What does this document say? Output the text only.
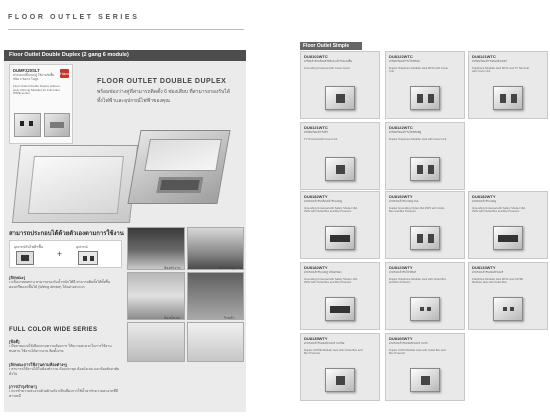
FLOOR OUTLET SERIES
Floor Outlet Double Duplex (2 gang 6 module)
DUMF220SLT
Haco
ฝาครอบปลั๊กแบบคู่ ใช้งานกับพื้น ชนิด 2 ช่อง 6 โมดูล
Floor Outlet Double Duplex without body (Strong Module) for Full Color WIDE series
FLOOR OUTLET DOUBLE DUPLEX
พร้อมช่องว่างคู่ที่สามารถติดตั้ง 6 ช่องเสียบ ที่สามารถรองรับได้ทั้งไฟฟ้าและอุปกรณ์ไฟฟ้าของคุณ
สามารถประกอบได้ด้วยตัวเองตามการใช้งาน
อุปกรณ์รับไฟฟ้าพื้น
+
อุปกรณ์
ห้องทำงาน	ห้องประชุม
ห้องนั่งเล่น	ร้านค้า
[ลักษณะ]
• แข็งแรงทนทาน สามารถรองรับน้ำหนักได้ดี สามารถติดตั้งได้ทั้งพื้นคอนกรีตและพื้นไม้ (Wiring device) ได้อย่างสะดวก
FULL COLOR WIDE SERIES
[ข้อดี]
• มีหลายแบบให้เลือกตามความต้องการ ให้ความสะดวกในการใช้งาน ทนทาน ใช้งานได้ยาวนาน ติดตั้งง่าย
[ลักษณะการใช้งานตามห้องต่างๆ]
• สามารถใช้งานได้ในห้องทำงาน ห้องประชุม ห้องนั่งเล่น และห้องพักอาศัย ทั่วไป
[การบำรุงรักษา]
• ควรทำความสะอาดด้วยผ้าแห้ง หลีกเลี่ยงการใช้น้ำยาทำความสะอาดที่มีสารเคมี
Floor Outlet Simple
DU8102WTC
ฝาปิดเต้ารับพร้อมสวิตช์และเต้ารับแบบพื้น
Grounding Universal with Cover Cover
DU8122WTC
ฝาปิดพร้อมเต้ารับโทรศัพท์
Duplex Telephone Modular Jack 6P4C with Cover Unit
DU8121WTC
ฝาปิดพร้อมเต้ารับคอมพิวเตอร์
Telephone Modular Jack 6P4C and TV Terminal with Cover Unit
DU8121WTC
ฝาปิดพร้อมเต้ารับทีวี
TV Terminal with Cover Unit
DU8122WTC
ฝาปิดพร้อมเต้ารับโทรศัพท์คู่
Duplex Telephone Modular Jack with Cover Unit
DU8182WTY
ฝาครอบเต้ารับพร้อมเต้ารับแบบคู่
Grounding Universal with Safety Shutter 16A 250V with Outlet Box and Box Protector
DU8192WTY
ฝาครอบเต้ารับแบบคู่ 16A
Duplex Grounding Outlet 16A 250V with Outlet Box and Box Protector
DU8182WTY
ฝาครอบเต้ารับแบบคู่
Grounding Universal with Safety Shutter 16A 250V with Outlet Box and Box Protector
DU8182WTY
ฝาครอบเต้ารับแบบคู่ พร้อมกล่อง
Grounding Universal with Safety Shutter 16A 250V with Outlet Box and Box Protector
DU8123WTY
ฝาครอบเต้ารับโทรศัพท์
Duplex Telephone Modular Jack with Outlet Box and Box Protector
DU8133WTY
ฝาครอบเต้ารับคอมพิวเตอร์
Telephone Modular Jack 6P4C and CAT5E Modular Jack with Outlet Box
DU8135WTY
ฝาครอบเต้ารับคอมพิวเตอร์ CAT5E
Duplex CAT5E Modular Jack with Outlet Box and Box Protector
DU8166WTY
ฝาครอบเต้ารับคอมพิวเตอร์ CAT6
Duplex CAT6 Modular Jack with Outlet Box and Box Protector
